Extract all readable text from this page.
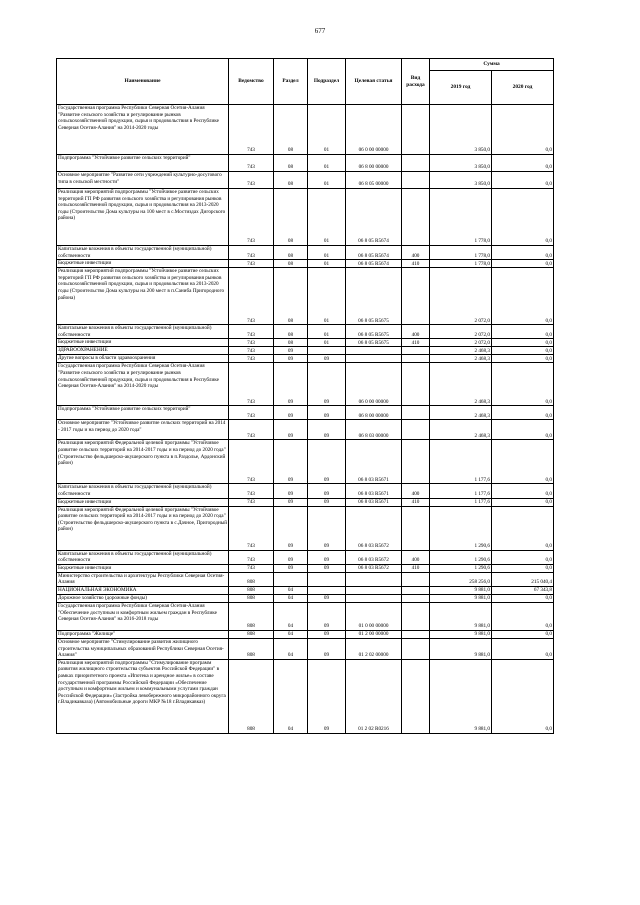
677
Наименование	Ведомство	Раздел	Подраздел	Целевая статья	Вид расхода	Сумма	
						2019 год	2020 год
Государственная программа Республики Северная Осетия-Алания "Развитие сельского хозяйства и регулирование рынков сельскохозяйственной продукции, сырья и продовольствия в Республике Северная Осетия-Алания" на 2014-2020 годы	743	08	01	06 0 00 00000		3 850,0	0,0
Подпрограмма "Устойчивое развитие сельских территорий"	743	08	01	06 8 00 00000		3 850,0	0,0
Основное мероприятие "Развитие сети учреждений культурно-досугового типа в сельской местности"	743	08	01	06 8 05 00000		3 850,0	0,0
Реализация мероприятий подпрограммы "Устойчивое развитие сельских территорий ГП РФ развития сельского хозяйства и регулирования рынков сельскохозяйственной продукции, сырья и продовольствия на 2013-2020 годы (Строительство Дома культуры на 100 мест в с.Мостиздах Дигорского района)	743	08	01	06 8 05 R5674		1 778,0	0,0
Капитальные вложения в объекты государственной (муниципальной) собственности	743	08	01	06 8 05 R5674	400	1 778,0	0,0
Бюджетные инвестиции	743	08	01	06 8 05 R5674	410	1 778,0	0,0
Реализация мероприятий подпрограммы "Устойчивое развитие сельских территорий ГП РФ развития сельского хозяйства и регулирования рынков сельскохозяйственной продукции, сырья и продовольствия на 2013-2020 годы (Строительство Дома культуры на 200 мест в п.Саниба Пригородного района)	743	08	01	06 8 05 R5675		2 072,0	0,0
Капитальные вложения в объекты государственной (муниципальной) собственности	743	08	01	06 8 05 R5675	400	2 072,0	0,0
Бюджетные инвестиции	743	08	01	06 8 05 R5675	410	2 072,0	0,0
ЗДРАВООХРАНЕНИЕ	743	09				2 468,3	0,0
Другие вопросы в области здравоохранения	743	09	09			2 468,3	0,0
Государственная программа Республики Северная Осетия-Алания "Развитие сельского хозяйства и регулирование рынков сельскохозяйственной продукции, сырья и продовольствия в Республике Северная Осетия-Алания" на 2014-2020 годы	743	09	09	06 0 00 00000		2 468,3	0,0
Подпрограмма "Устойчивое развитие сельских территорий"	743	09	09	06 8 00 00000		2 468,3	0,0
Основное мероприятие "Устойчивое развитие сельских территорий на 2014 - 2017 годы и на период до 2020 года"	743	09	09	06 8 03 00000		2 468,3	0,0
Реализация мероприятий Федеральной целевой программы "Устойчивое развитие сельских территорий на 2014-2017 годы и на период до 2020 года" (Строительство фельдшерско-акушерского пункта в п.Раздолье, Ардонский район)	743	09	09	06 8 03 R5671		1 177,6	0,0
Капитальные вложения в объекты государственной (муниципальной) собственности	743	09	09	06 8 03 R5671	400	1 177,6	0,0
Бюджетные инвестиции	743	09	09	06 8 03 R5671	410	1 177,6	0,0
Реализация мероприятий Федеральной целевой программы "Устойчивое развитие сельских территорий на 2014-2017 годы и на период до 2020 года" (Строительство фельдшерско-акушерского пункта в с.Дачное, Пригородный район)	743	09	09	06 8 03 R5672		1 290,6	0,0
Капитальные вложения в объекты государственной (муниципальной) собственности	743	09	09	06 8 03 R5672	400	1 290,6	0,0
Бюджетные инвестиции	743	09	09	06 8 03 R5672	410	1 290,6	0,0
Министерство строительства и архитектуры Республики Северная Осетия-Алания	808					258 256,0	215 040,4
НАЦИОНАЛЬНАЯ ЭКОНОМИКА	808	04				9 881,0	67 343,8
Дорожное хозяйство (дорожные фонды)	808	04	09			9 881,0	0,0
Государственная программа Республики Северная Осетия-Алания "Обеспечение доступным и комфортным жильем граждан в Республике Северная Осетия-Алания" на 2016-2018 годы	808	04	09	01 0 00 00000		9 881,0	0,0
Подпрограмма "Жилище"	808	04	09	01 2 00 00000		9 881,0	0,0
Основное мероприятие "Стимулирование развития жилищного строительства муниципальных образований Республики Северная Осетия-Алания"	808	04	09	01 2 02 00000		9 881,0	0,0
Реализация мероприятий подпрограммы "Стимулирование программ развития жилищного строительства субъектов Российской Федерации" в рамках приоритетного проекта «Ипотека и арендное жилье» в составе государственной программы Российской Федерации «Обеспечение доступным и комфортным жильем и коммунальными услугами граждан Российской Федерации» (Застройка левобережного микрорайонного округа г.Владикавказа) (Автомобильные дороги МКР №18 г.Владикавказ)	808	04	09	01 2 02 R0216		9 881,0	0,0
